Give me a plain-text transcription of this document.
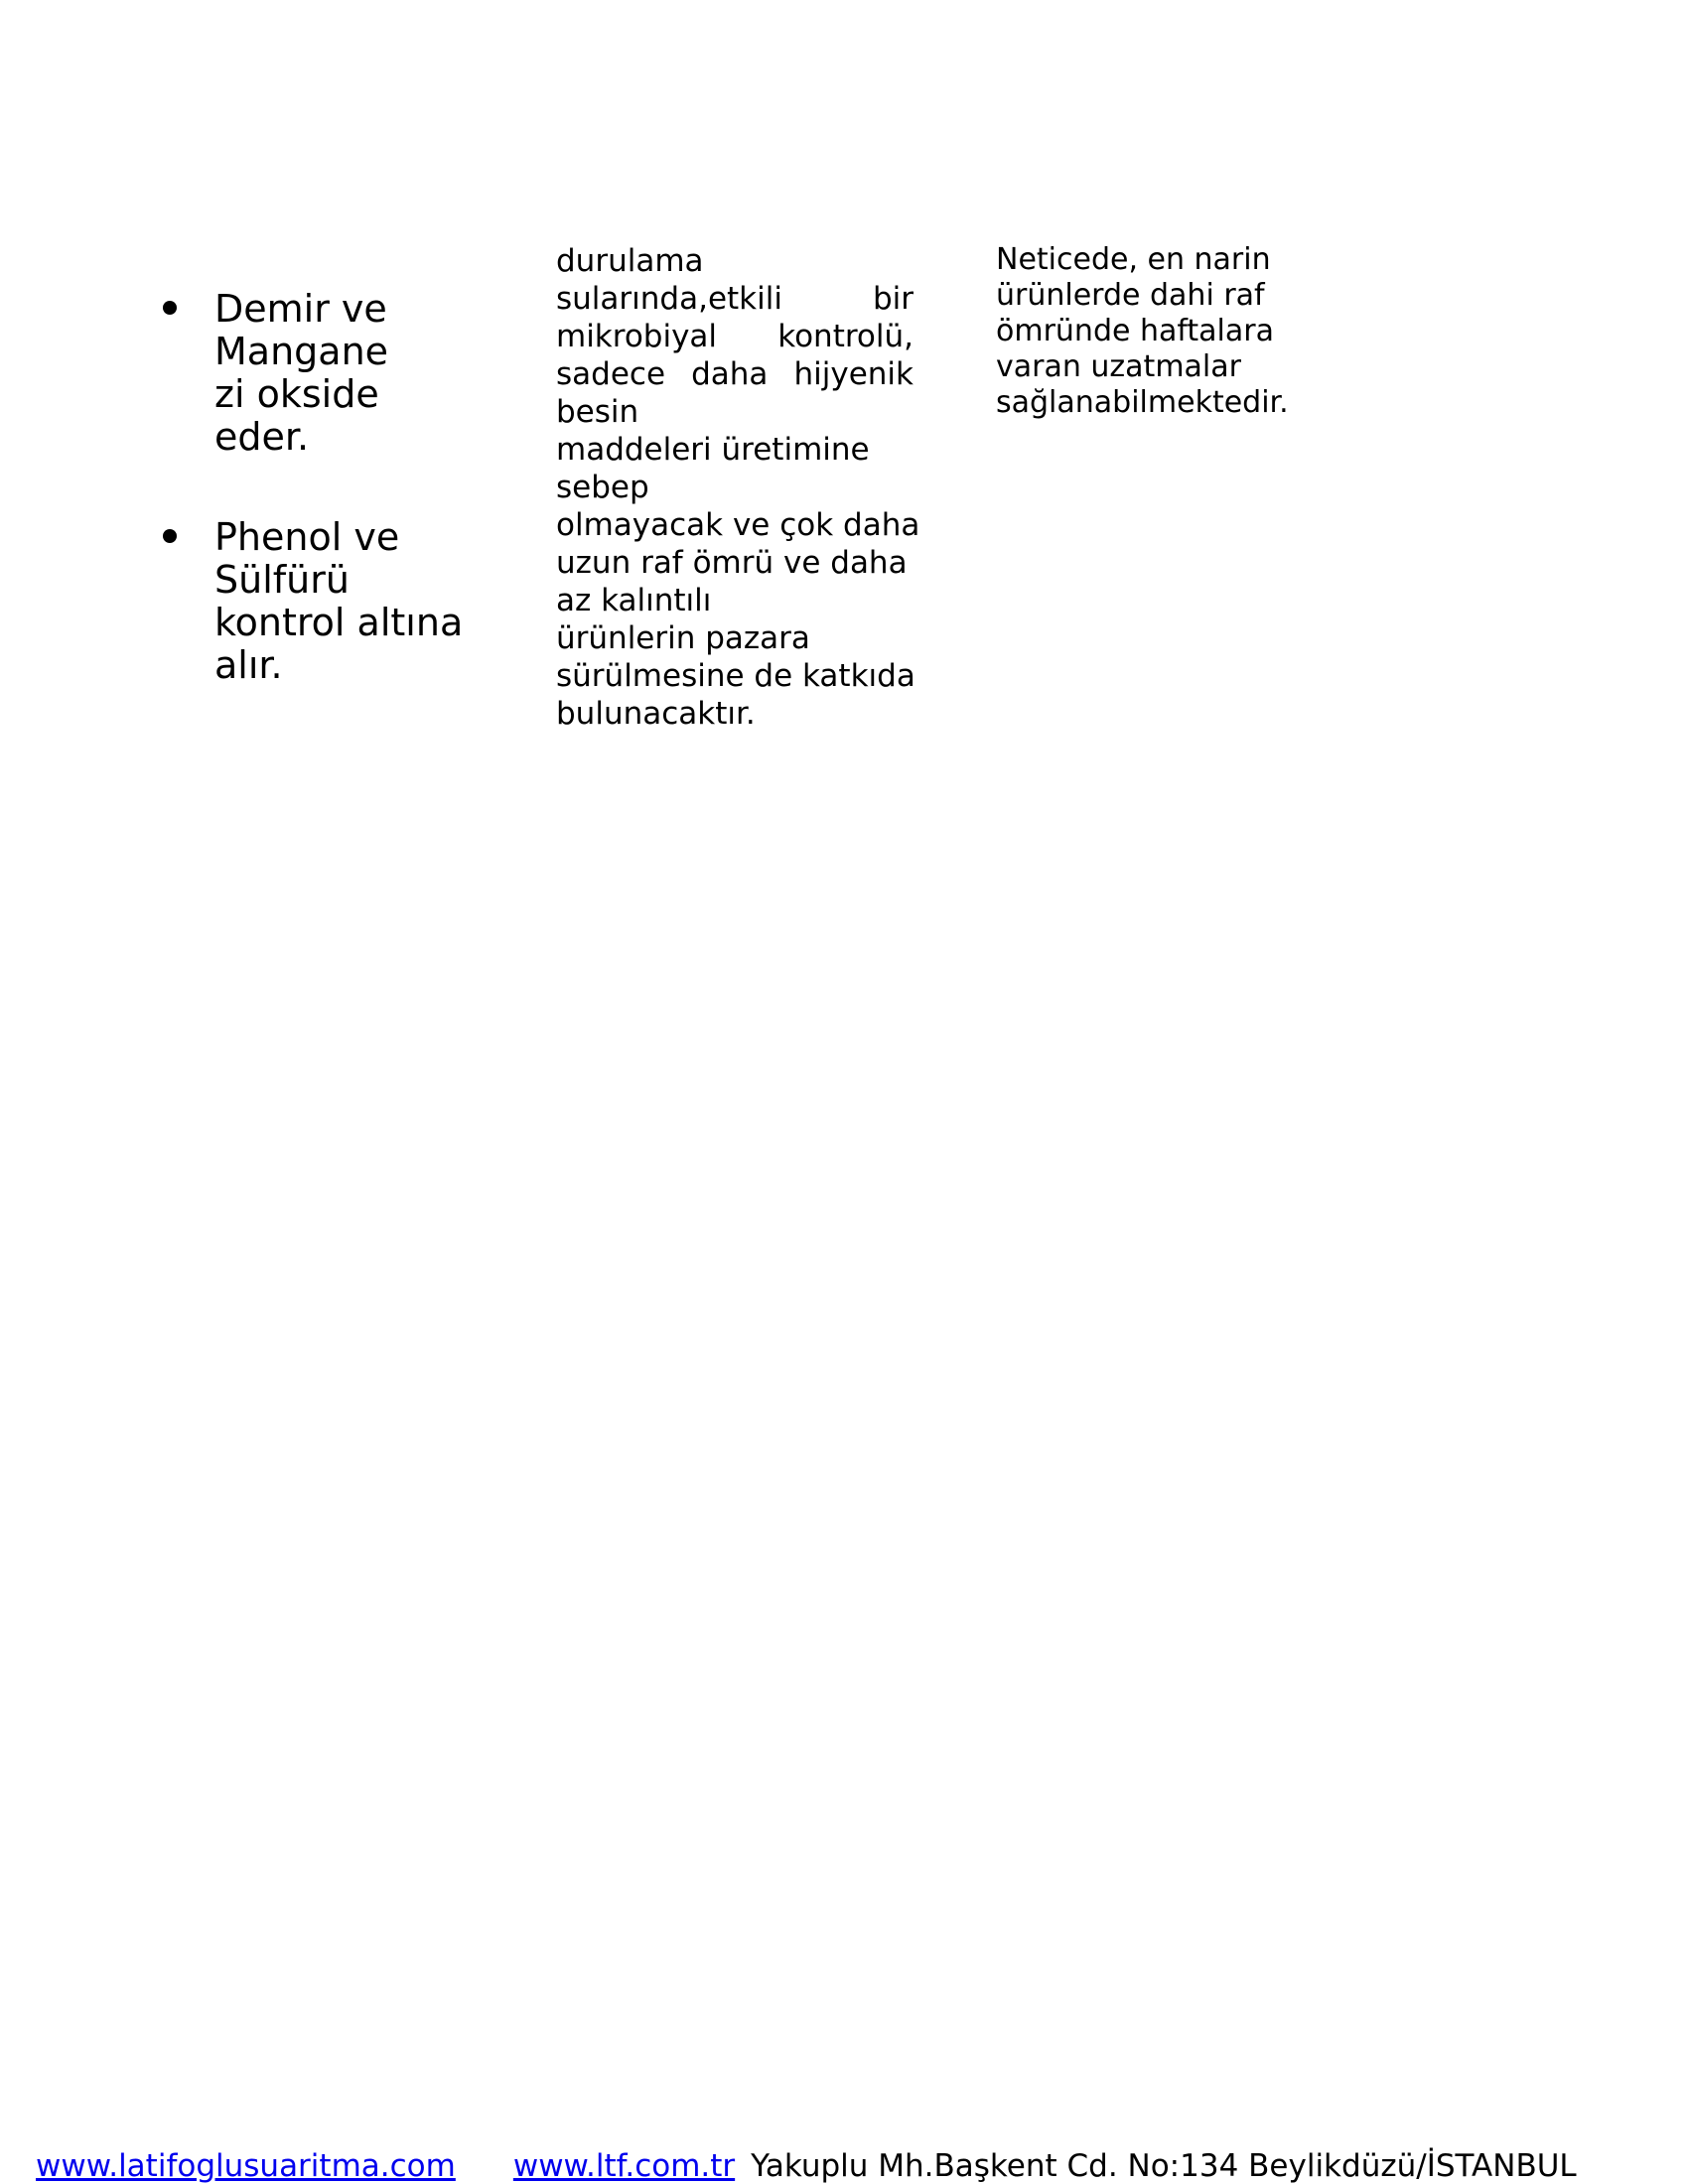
Demir ve
Mangane
zi okside
eder.
Phenol ve
Sülfürü
kontrol altına
alır.
durulama
sularında,etkili bir
mikrobiyal kontrolü,
sadece daha hijyenik
besin
maddeleri üretimine
sebep
olmayacak ve çok daha
uzun raf ömrü ve daha
az kalıntılı
ürünlerin pazara
sürülmesine de katkıda
bulunacaktır.
Neticede, en narin
ürünlerde dahi raf
ömründe haftalara
varan uzatmalar
sağlanabilmektedir.
www.latifoglusuaritma.com www.ltf.com.tr Yakuplu Mh.Başkent Cd. No:134 Beylikdüzü/İSTANBUL
